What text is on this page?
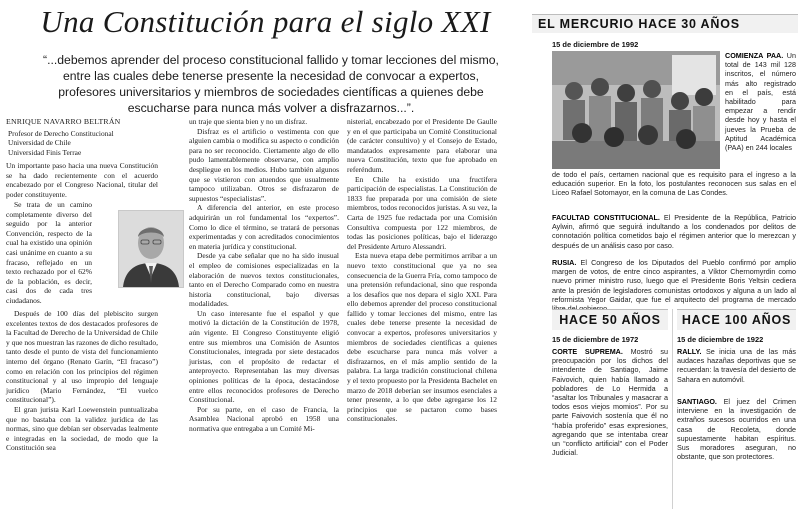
Una Constitución para el siglo XXI
“...debemos aprender del proceso constitucional fallido y tomar lecciones del mismo, entre las cuales debe tenerse presente la necesidad de convocar a expertos, profesores universitarios y miembros de sociedades científicas a quienes debe escucharse para nunca más volver a disfrazarnos...”.
ENRIQUE NAVARRO BELTRÁN
Profesor de Derecho Constitucional
Universidad de Chile
Universidad Finis Terrae

Un importante paso hacia una nueva Constitución se ha dado recientemente con el acuerdo encabezado por el Congreso Nacional, titular del poder constituyente.

Se trata de un camino completamente diverso del seguido por la anterior Convención, respecto de la cual ha existido una opinión casi unánime en cuanto a su fracaso, reflejado en un texto rechazado por el 62% de la población, es decir, casi dos de cada tres ciudadanos.

Después de 100 días del plebiscito surgen excelentes textos de dos destacados profesores de la Facultad de Derecho de la Universidad de Chile y que nos muestran las razones de dicho resultado, tanto desde el punto de vista del funcionamiento interno del órgano (Renato Garín, “El fracaso”) como en relación con los principios del régimen constitucional y al uso impropio del lenguaje jurídico (Mario Fernández, “El vuelco constitucional”).

El gran jurista Karl Loewenstein puntualizaba que no bastaba con la validez jurídica de las normas, sino que debían ser observadas lealmente e integradas en la sociedad, de modo que la Constitución sea

un traje que sienta bien y no un disfraz.

Disfraz es el artificio o vestimenta con que alguien cambia o modifica su aspecto o condición para no ser reconocido. Ciertamente algo de ello pudo lamentablemente observarse, con amplio despliegue en los medios. Hubo también algunos que se vistieron con atuendos que usualmente tampoco utilizaban. Otros se disfrazaron de supuestos “especialistas”.

A diferencia del anterior, en este proceso adquirirán un rol fundamental los “expertos”. Como lo dice el término, se tratará de personas experimentadas y con acreditados conocimientos en materia jurídica y constitucional.

Desde ya cabe señalar que no ha sido inusual el empleo de comisiones especializadas en la elaboración de nuevos textos constitucionales, tanto en el Derecho Comparado como en nuestra historia constitucional, bajo diversas modalidades.

Un caso interesante fue el español y que motivó la dictación de la Constitución de 1978, aún vigente. El Congreso Constituyente eligió entre sus miembros una Comisión de Asuntos Constitucionales, integrada por siete destacados juristas, con el propósito de redactar el anteproyecto. Representaban las muy diversas opiniones políticas de la época, destacándose entre ellos reconocidos profesores de Derecho Constitucional.

Por su parte, en el caso de Francia, la Asamblea Nacional aprobó en 1958 una normativa que entregaba a un Comité Mi-

nisterial, encabezado por el Presidente De Gaulle y en el que participaba un Comité Constitucional (de carácter consultivo) y el Consejo de Estado, mandatados expresamente para elaborar una nueva Constitución, texto que fue aprobado en referéndum.

En Chile ha existido una fructífera participación de especialistas. La Constitución de 1833 fue preparada por una comisión de siete miembros, todos reconocidos juristas. A su vez, la Carta de 1925 fue redactada por una Comisión Consultiva compuesta por 122 miembros, de todas las posiciones políticas, bajo el liderazgo del Presidente Arturo Alessandri.

Esta nueva etapa debe permitirnos arribar a un nuevo texto constitucional que ya no sea consecuencia de la Guerra Fría, como tampoco de una pretensión refundacional, sino que responda a los desafíos que nos depara el siglo XXI. Para ello debemos aprender del proceso constitucional fallido y tomar lecciones del mismo, entre las cuales debe tenerse presente la necesidad de convocar a expertos, profesores universitarios y miembros de sociedades científicas a quienes debe escucharse para nunca más volver a disfrazarnos, en el más amplio sentido de la palabra. La larga tradición constitucional chilena y el texto propuesto por la Presidenta Bachelet en marzo de 2018 deberían ser insumos esenciales a tener presente, a lo que debe agregarse los 12 principios que se pactaron como bases constitucionales.

EL MERCURIO HACE 30 AÑOS
15 de diciembre de 1992
COMIENZA PAA. Un total de 143 mil 128 inscritos, el número más alto registrado en el país, está habilitado para empezar a rendir desde hoy y hasta el jueves la Prueba de Aptitud Académica (PAA) en 244 locales
de todo el país, certamen nacional que es requisito para el ingreso a la educación superior. En la foto, los postulantes reconocen sus salas en el Liceo Rafael Sotomayor, en la comuna de Las Condes.
FACULTAD CONSTITUCIONAL. El Presidente de la República, Patricio Aylwin, afirmó que seguirá indultando a los condenados por delitos de connotación política cometidos bajo el régimen anterior que lo merezcan y después de un análisis caso por caso.
RUSIA. El Congreso de los Diputados del Pueblo confirmó por amplio margen de votos, de entre cinco aspirantes, a Víktor Chernomyrdin como nuevo primer ministro ruso, luego que el Presidente Boris Yeltsin cediera ante la presión de legisladores comunistas ortodoxos y alguna a un lado al reformista Yegor Gaidar, que fue el arquitecto del programa de mercado
HACE 50 AÑOS	HACE 100 AÑOS
15 de diciembre de 1972	15 de diciembre de 1922
CORTE SUPREMA. Mostró su preocupación por los dichos del intendente de Santiago, Jaime Faivovich, quien había llamado a pobladores de Lo Hermida a “asaltar los Tribunales y masacrar a todos esos viejos momios”. Por su parte Faivovich sostenía que él no “había proferido” esas expresiones, agregando que se intentaba crear un “conflicto artificial” con el Poder Judicial.
RALLY. Se inicia una de las más audaces hazañas deportivas que se recuerdan: la travesía del desierto de Sahara en automóvil.
SANTIAGO. El juez del Crimen interviene en la investigación de extraños sucesos ocurridos en una casa de Recoleta, donde supuestamente habitan espíritus. Sus moradores aseguran, no obstante, que son protectores.
